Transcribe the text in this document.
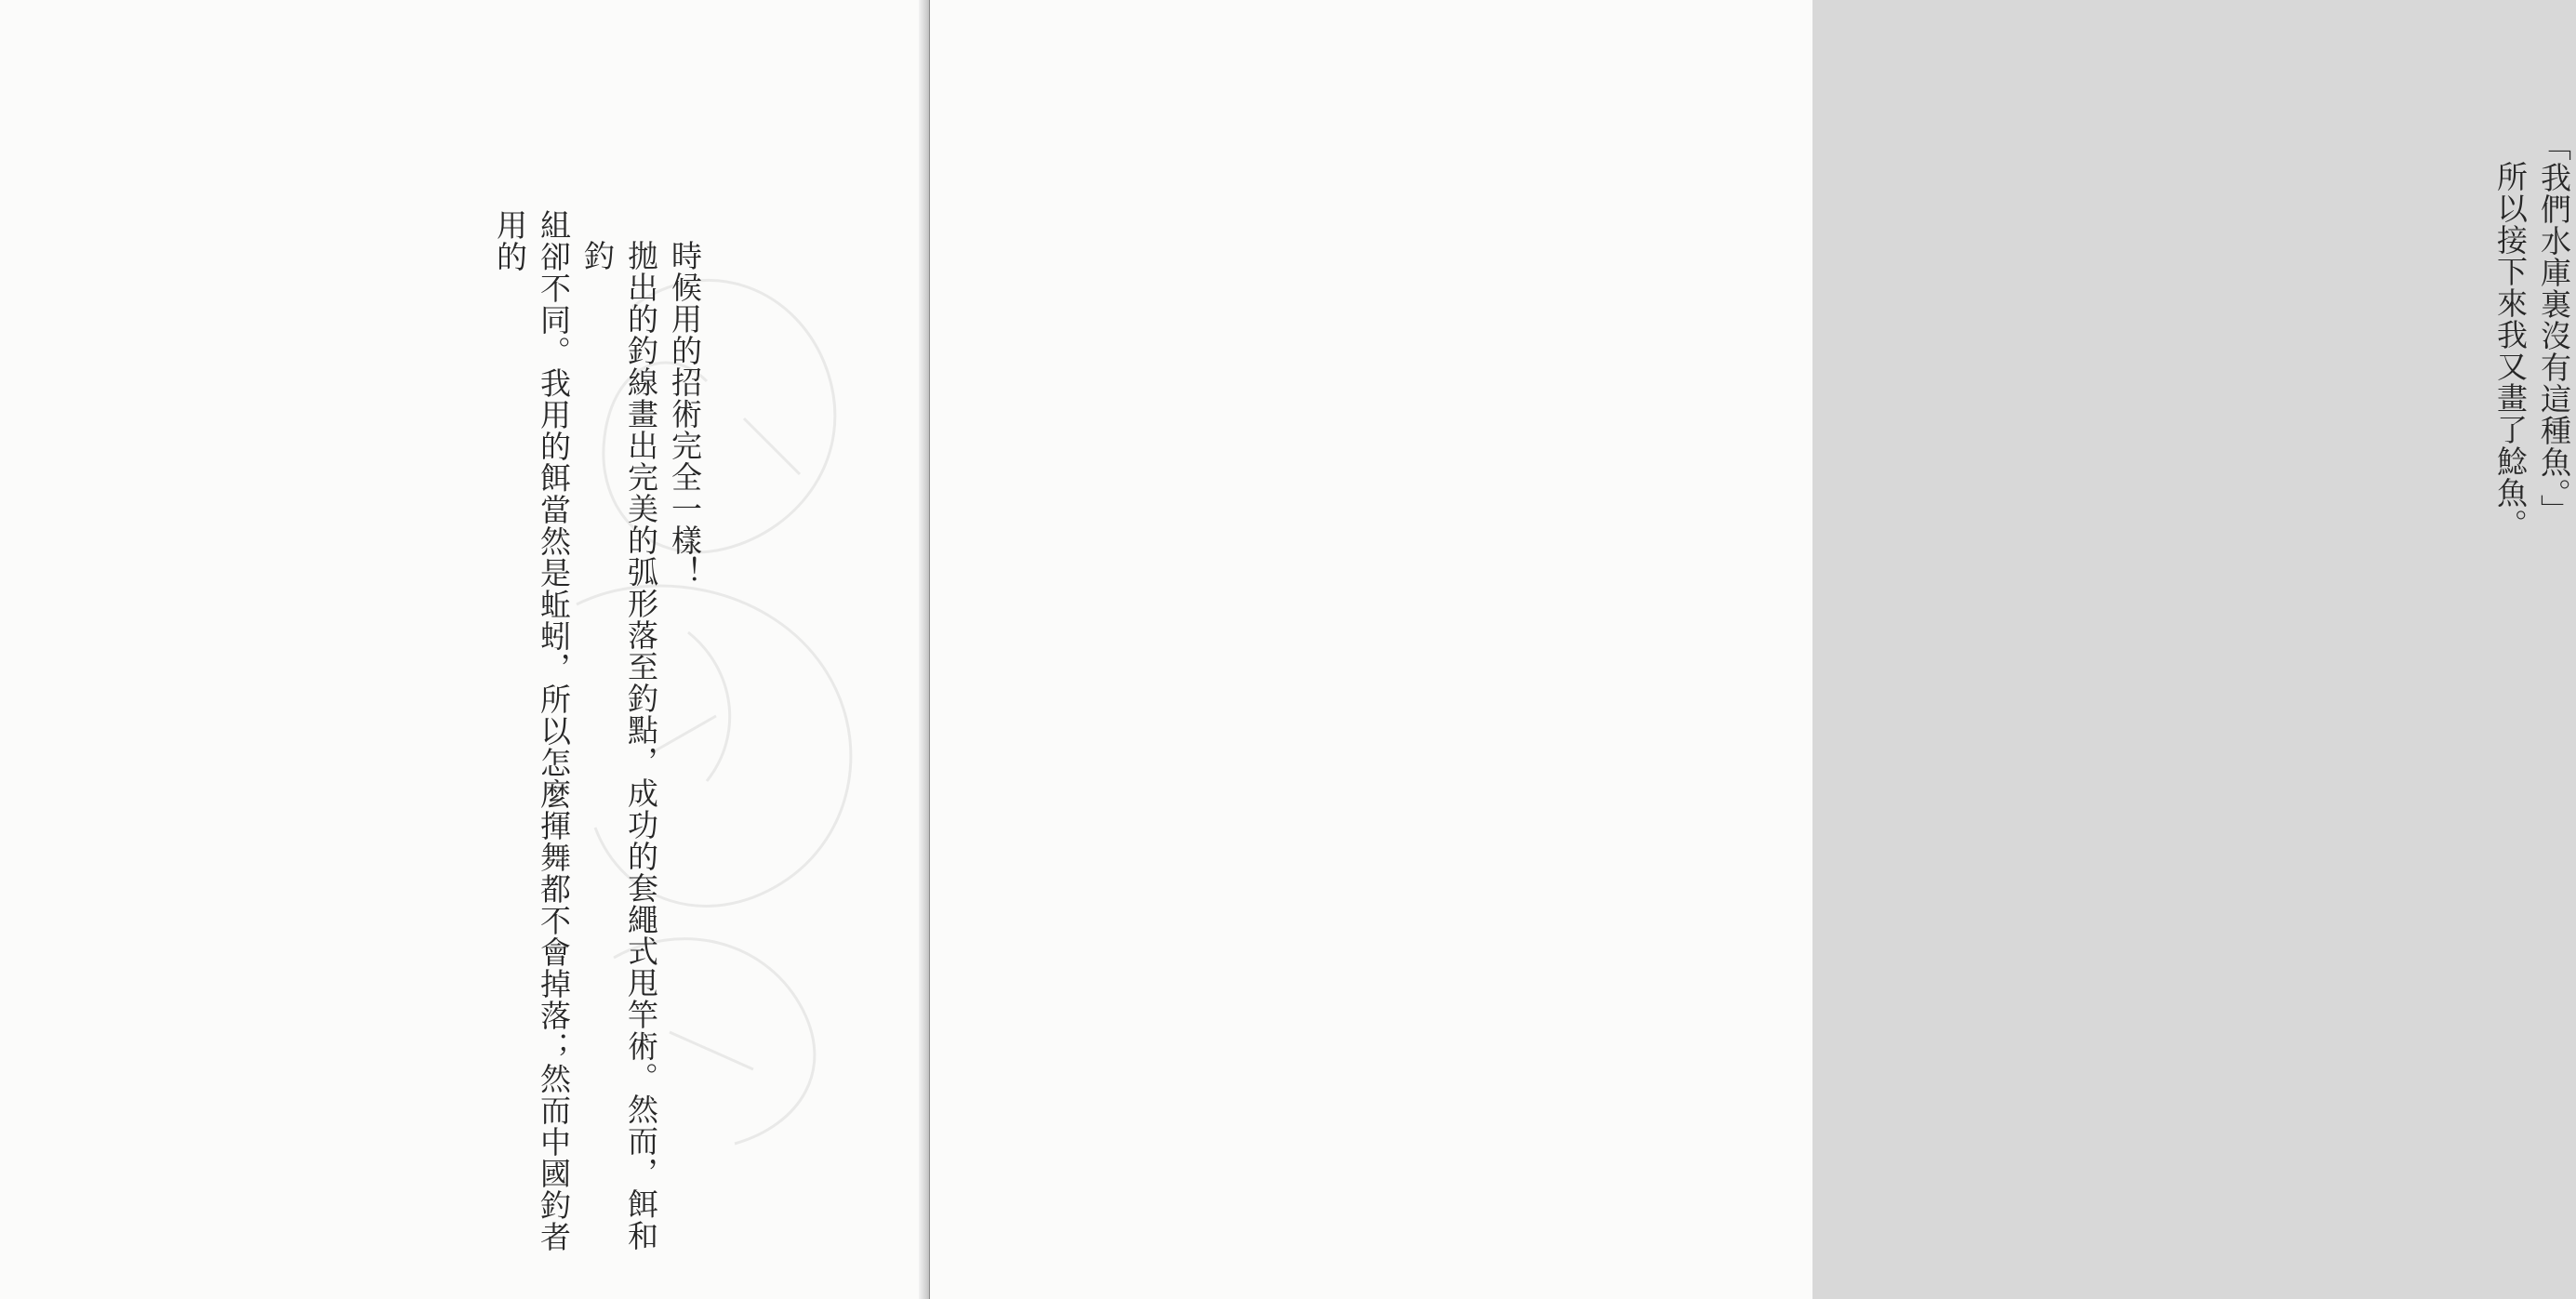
時候用的招術完全一樣！
拋出的釣線畫出完美的弧形落至釣點，成功的套繩式甩竿術。然而，餌和釣
組卻不同。我用的餌當然是蚯蚓，所以怎麼揮舞都不會掉落；然而中國釣者用的	「我們水庫裏沒有這種魚。」
所以接下來我又畫了鯰魚。
